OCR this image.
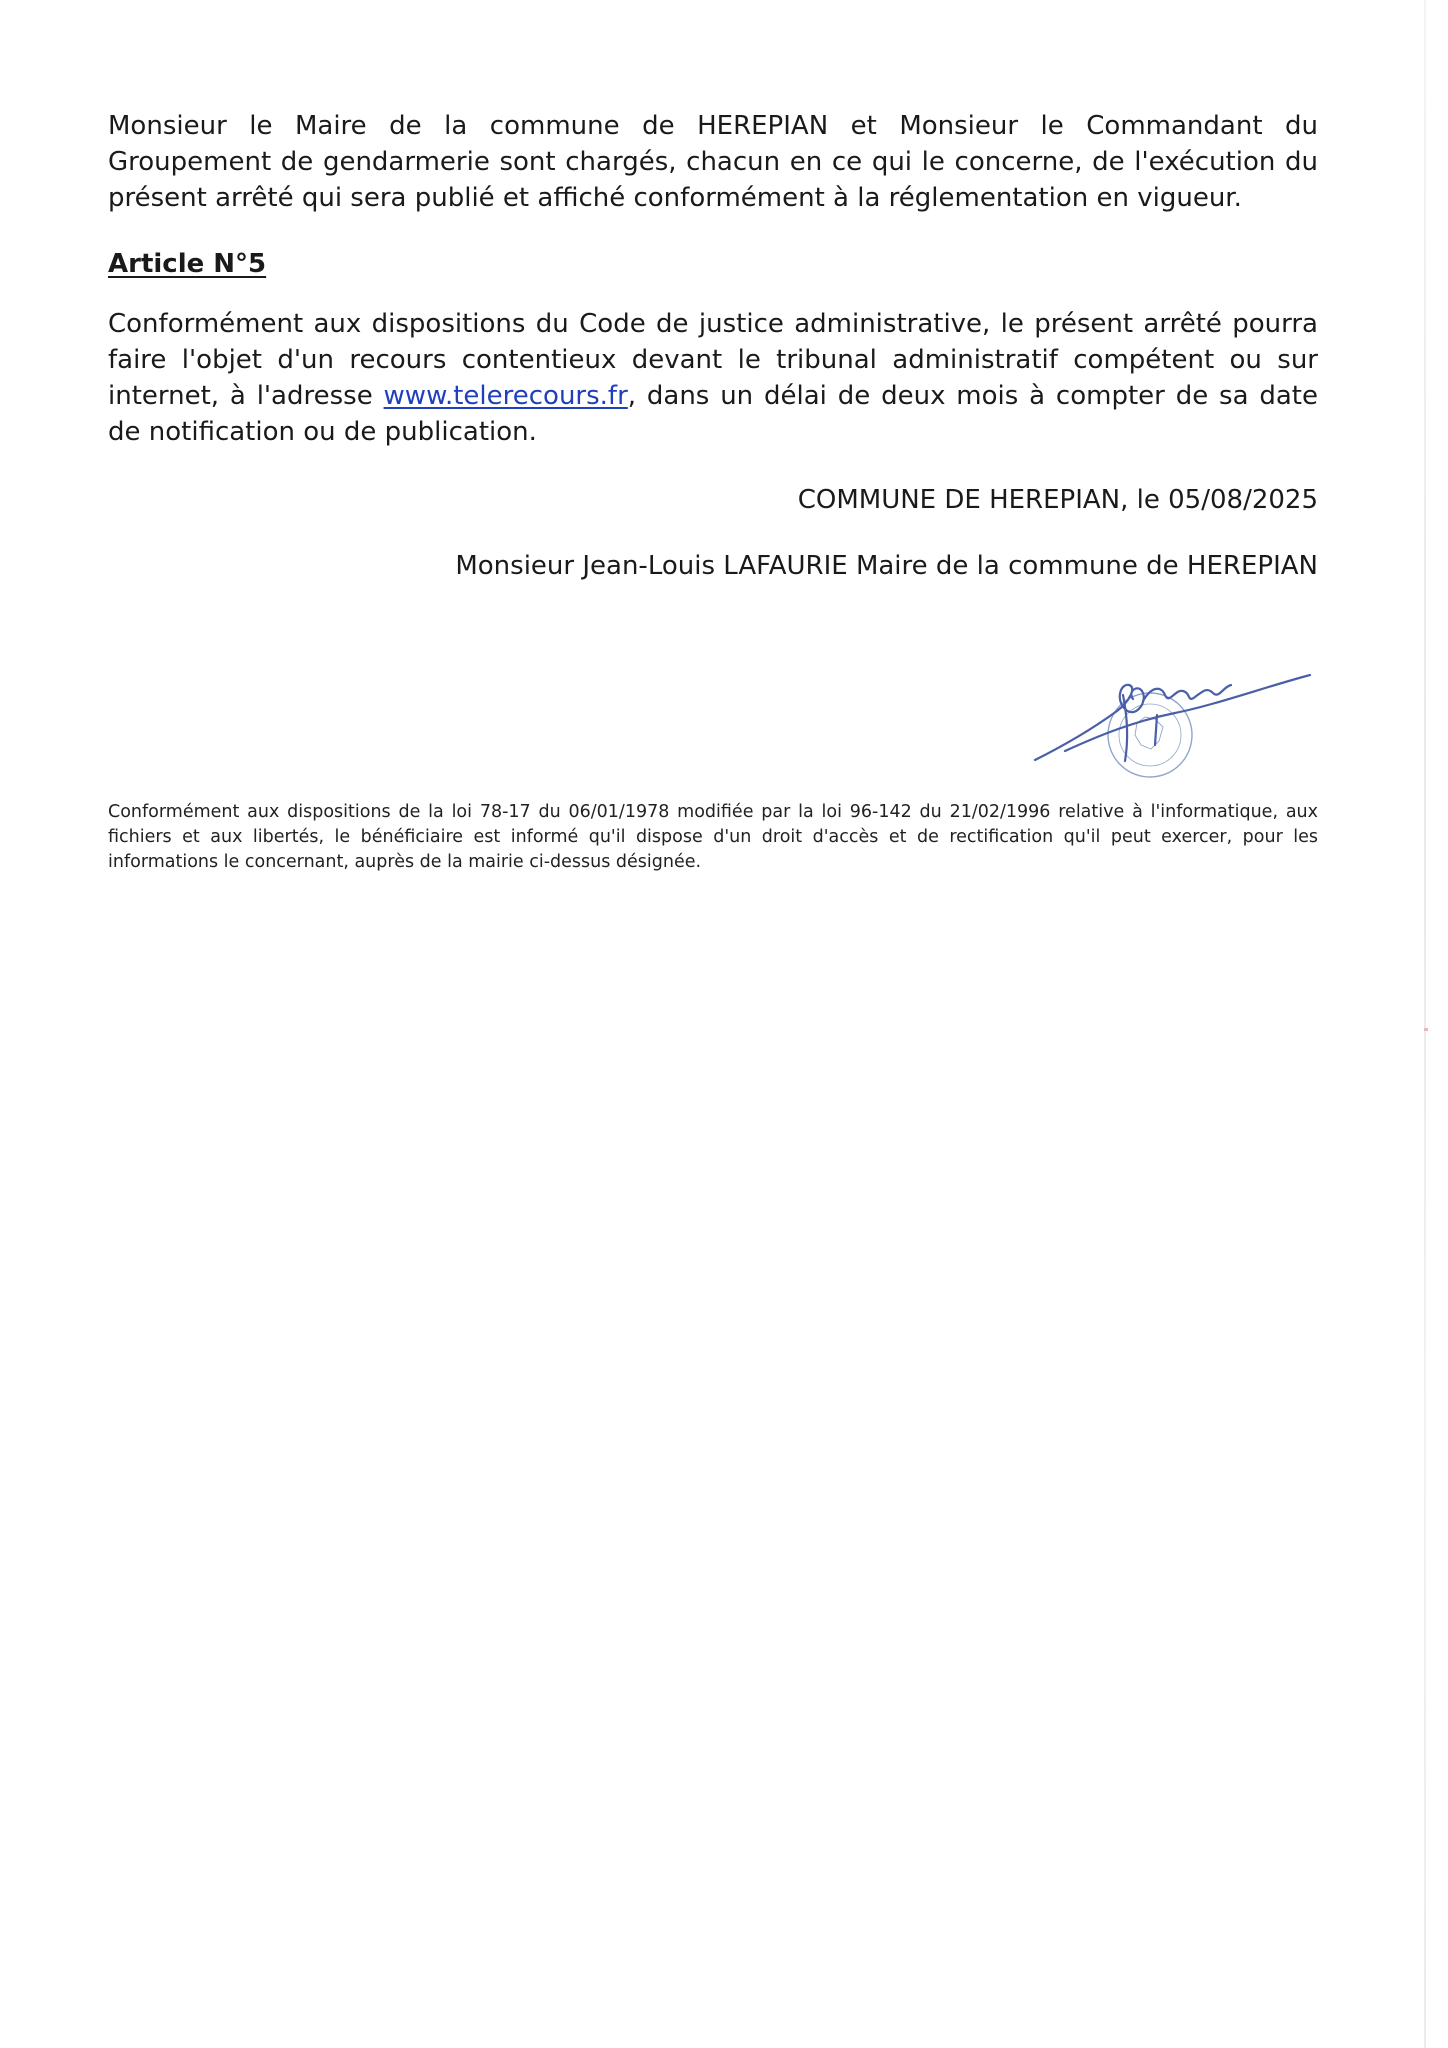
Monsieur le Maire de la commune de HEREPIAN et Monsieur le Commandant du Groupement de gendarmerie sont chargés, chacun en ce qui le concerne, de l'exécution du présent arrêté qui sera publié et affiché conformément à la réglementation en vigueur.

Article N°5

Conformément aux dispositions du Code de justice administrative, le présent arrêté pourra faire l'objet d'un recours contentieux devant le tribunal administratif compétent ou sur internet, à l'adresse www.telerecours.fr, dans un délai de deux mois à compter de sa date de notification ou de publication.

COMMUNE DE HEREPIAN, le 05/08/2025

Monsieur Jean-Louis LAFAURIE Maire de la commune de HEREPIAN

Conformément aux dispositions de la loi 78-17 du 06/01/1978 modifiée par la loi 96-142 du 21/02/1996 relative à l'informatique, aux fichiers et aux libertés, le bénéficiaire est informé qu'il dispose d'un droit d'accès et de rectification qu'il peut exercer, pour les informations le concernant, auprès de la mairie ci-dessus désignée.
